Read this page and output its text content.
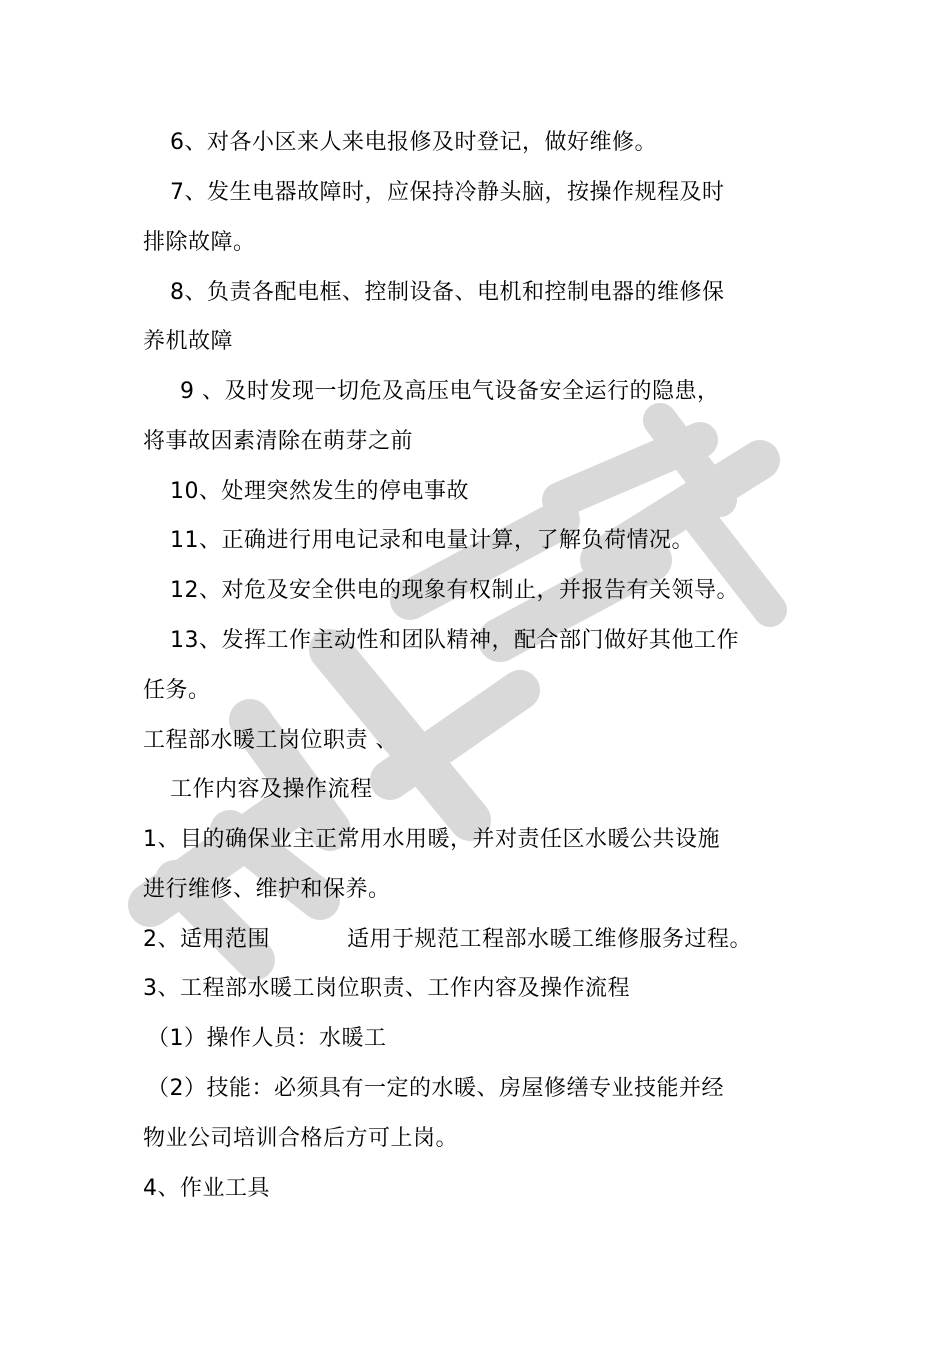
6、对各小区来人来电报修及时登记，做好维修。
7、发生电器故障时，应保持冷静头脑，按操作规程及时
排除故障。
8、负责各配电框、控制设备、电机和控制电器的维修保
养机故障
9 、及时发现一切危及高压电气设备安全运行的隐患，
将事故因素清除在萌芽之前
10、处理突然发生的停电事故
11、正确进行用电记录和电量计算，了解负荷情况。
12、对危及安全供电的现象有权制止，并报告有关领导。
13、发挥工作主动性和团队精神，配合部门做好其他工作
任务。
工程部水暖工岗位职责 、
工作内容及操作流程
1、目的确保业主正常用水用暖，并对责任区水暖公共设施
进行维修、维护和保养。
2、适用范围	适用于规范工程部水暖工维修服务过程。
3、工程部水暖工岗位职责、工作内容及操作流程
（1）操作人员：水暖工
（2）技能：必须具有一定的水暖、房屋修缮专业技能并经
物业公司培训合格后方可上岗。
4、作业工具
